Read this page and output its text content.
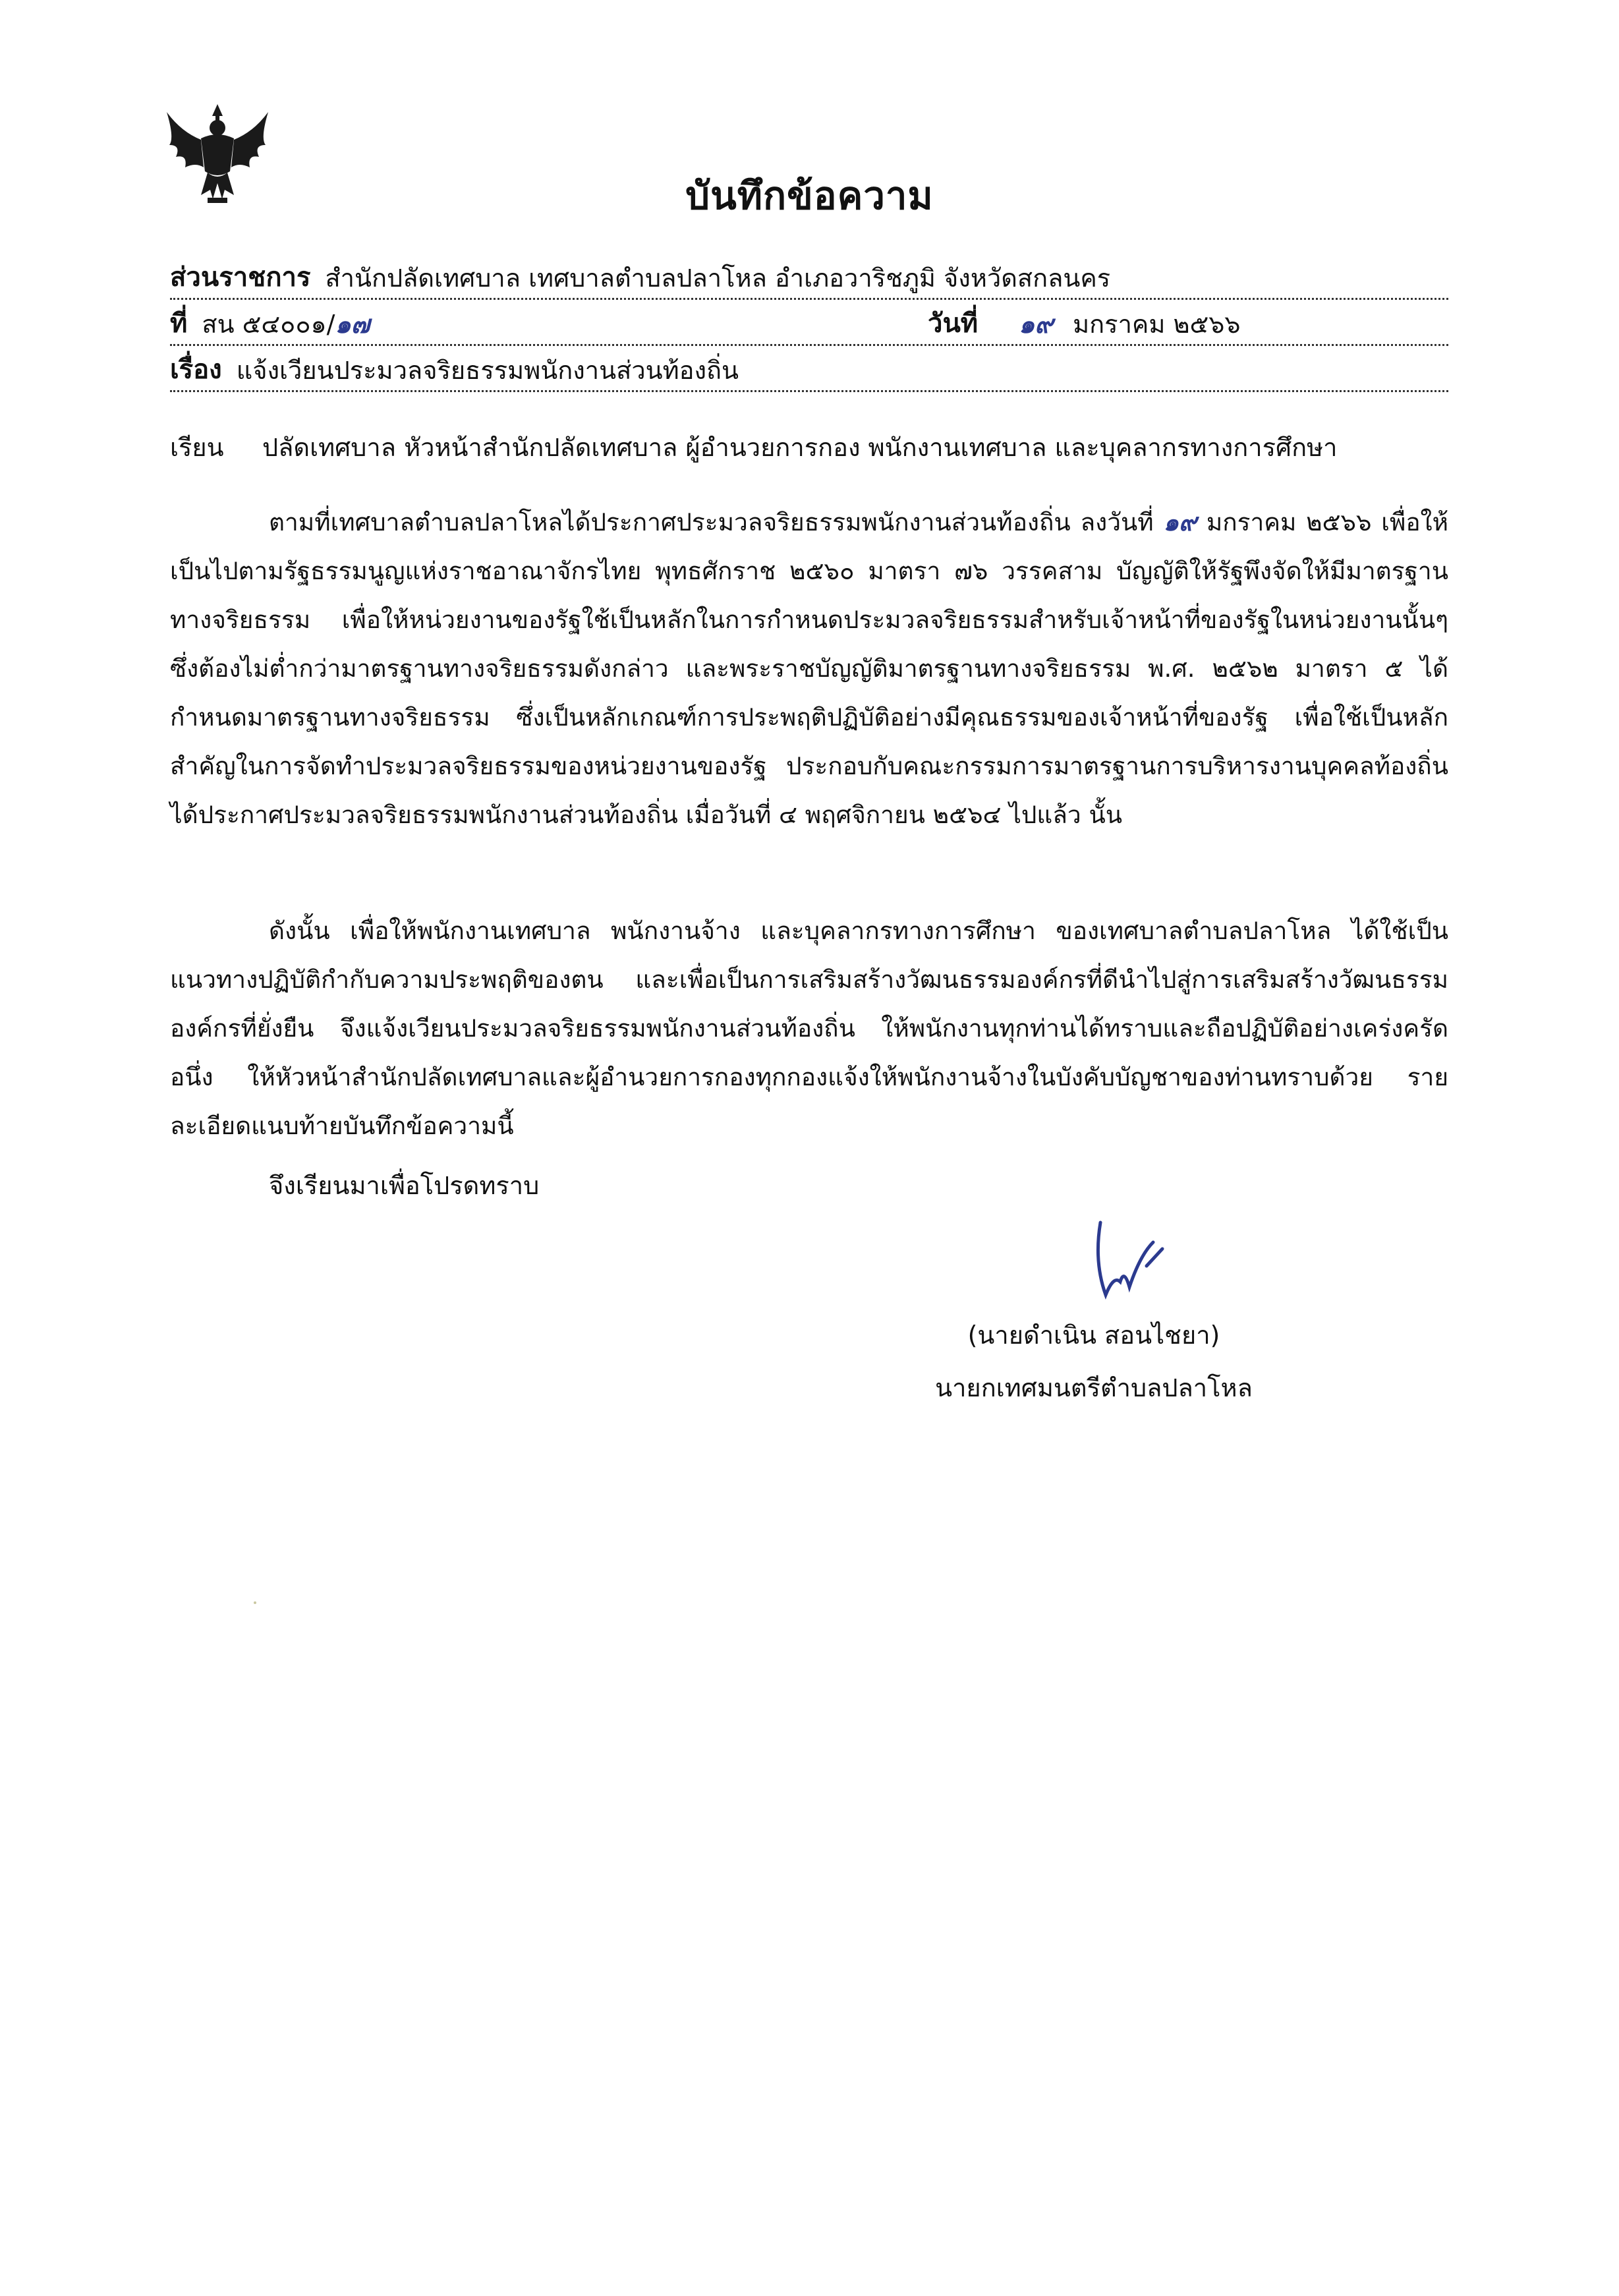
บันทึกข้อความ
ส่วนราชการ สำนักปลัดเทศบาล เทศบาลตำบลปลาโหล อำเภอวาริชภูมิ จังหวัดสกลนคร
ที่ สน ๕๔๐๐๑/ ๑๗	วันที่ ๑๙ มกราคม ๒๕๖๖
เรื่อง แจ้งเวียนประมวลจริยธรรมพนักงานส่วนท้องถิ่น
เรียน	ปลัดเทศบาล หัวหน้าสำนักปลัดเทศบาล ผู้อำนวยการกอง พนักงานเทศบาล และบุคลากรทางการศึกษา

ตามที่เทศบาลตำบลปลาโหลได้ประกาศประมวลจริยธรรมพนักงานส่วนท้องถิ่น ลงวันที่ ๑๙ มกราคม ๒๕๖๖ เพื่อให้เป็นไปตามรัฐธรรมนูญแห่งราชอาณาจักรไทย พุทธศักราช ๒๕๖๐ มาตรา ๗๖ วรรคสาม บัญญัติให้รัฐพึงจัดให้มีมาตรฐานทางจริยธรรม เพื่อให้หน่วยงานของรัฐใช้เป็นหลักในการกำหนดประมวลจริยธรรมสำหรับเจ้าหน้าที่ของรัฐในหน่วยงานนั้นๆ ซึ่งต้องไม่ต่ำกว่ามาตรฐานทางจริยธรรมดังกล่าว และพระราชบัญญัติมาตรฐานทางจริยธรรม พ.ศ. ๒๕๖๒ มาตรา ๕ ได้กำหนดมาตรฐานทางจริยธรรม ซึ่งเป็นหลักเกณฑ์การประพฤติปฏิบัติอย่างมีคุณธรรมของเจ้าหน้าที่ของรัฐ เพื่อใช้เป็นหลักสำคัญในการจัดทำประมวลจริยธรรมของหน่วยงานของรัฐ ประกอบกับคณะกรรมการมาตรฐานการบริหารงานบุคคลท้องถิ่นได้ประกาศประมวลจริยธรรมพนักงานส่วนท้องถิ่น เมื่อวันที่ ๔ พฤศจิกายน ๒๕๖๔ ไปแล้ว นั้น

ดังนั้น เพื่อให้พนักงานเทศบาล พนักงานจ้าง และบุคลากรทางการศึกษา ของเทศบาลตำบลปลาโหล ได้ใช้เป็นแนวทางปฏิบัติกำกับความประพฤติของตน และเพื่อเป็นการเสริมสร้างวัฒนธรรมองค์กรที่ดีนำไปสู่การเสริมสร้างวัฒนธรรมองค์กรที่ยั่งยืน จึงแจ้งเวียนประมวลจริยธรรมพนักงานส่วนท้องถิ่น ให้พนักงานทุกท่านได้ทราบและถือปฏิบัติอย่างเคร่งครัด อนึ่ง ให้หัวหน้าสำนักปลัดเทศบาลและผู้อำนวยการกองทุกกองแจ้งให้พนักงานจ้างในบังคับบัญชาของท่านทราบด้วย รายละเอียดแนบท้ายบันทึกข้อความนี้

จึงเรียนมาเพื่อโปรดทราบ
(นายดำเนิน สอนไชยา)
นายกเทศมนตรีตำบลปลาโหล
